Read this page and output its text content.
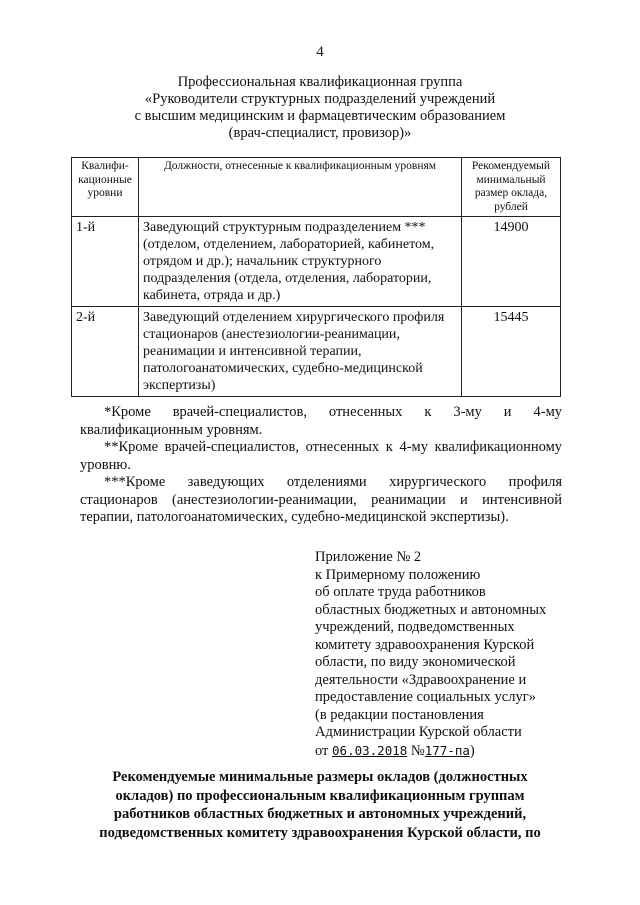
4
Профессиональная квалификационная группа
«Руководители структурных подразделений учреждений
с высшим медицинским и фармацевтическим образованием
(врач-специалист, провизор)»
Квалифи-кационные уровни	Должности, отнесенные к квалификационным уровням	Рекомендуемый минимальный размер оклада, рублей
1-й	Заведующий структурным подразделением *** (отделом, отделением, лабораторией, кабинетом, отрядом и др.); начальник структурного подразделения (отдела, отделения, лаборатории, кабинета, отряда и др.)	14900
2-й	Заведующий отделением хирургического профиля стационаров (анестезиологии-реанимации, реанимации и интенсивной терапии, патологоанатомических, судебно-медицинской экспертизы)	15445

*Кроме врачей-специалистов, отнесенных к 3-му и 4-му квалификационным уровням.

**Кроме врачей-специалистов, отнесенных к 4-му квалификационному уровню.

***Кроме заведующих отделениями хирургического профиля стационаров (анестезиологии-реанимации, реанимации и интенсивной терапии, патологоанатомических, судебно-медицинской экспертизы).

Приложение № 2
к Примерному положению
об оплате труда работников
областных бюджетных и автономных
учреждений, подведомственных
комитету здравоохранения Курской
области, по виду экономической
деятельности «Здравоохранение и
предоставление социальных услуг»
(в редакции постановления
Администрации Курской области
от 06.03.2018 №177-па)
Рекомендуемые минимальные размеры окладов (должностных
окладов) по профессиональным квалификационным группам
работников областных бюджетных и автономных учреждений,
подведомственных комитету здравоохранения Курской области, по
